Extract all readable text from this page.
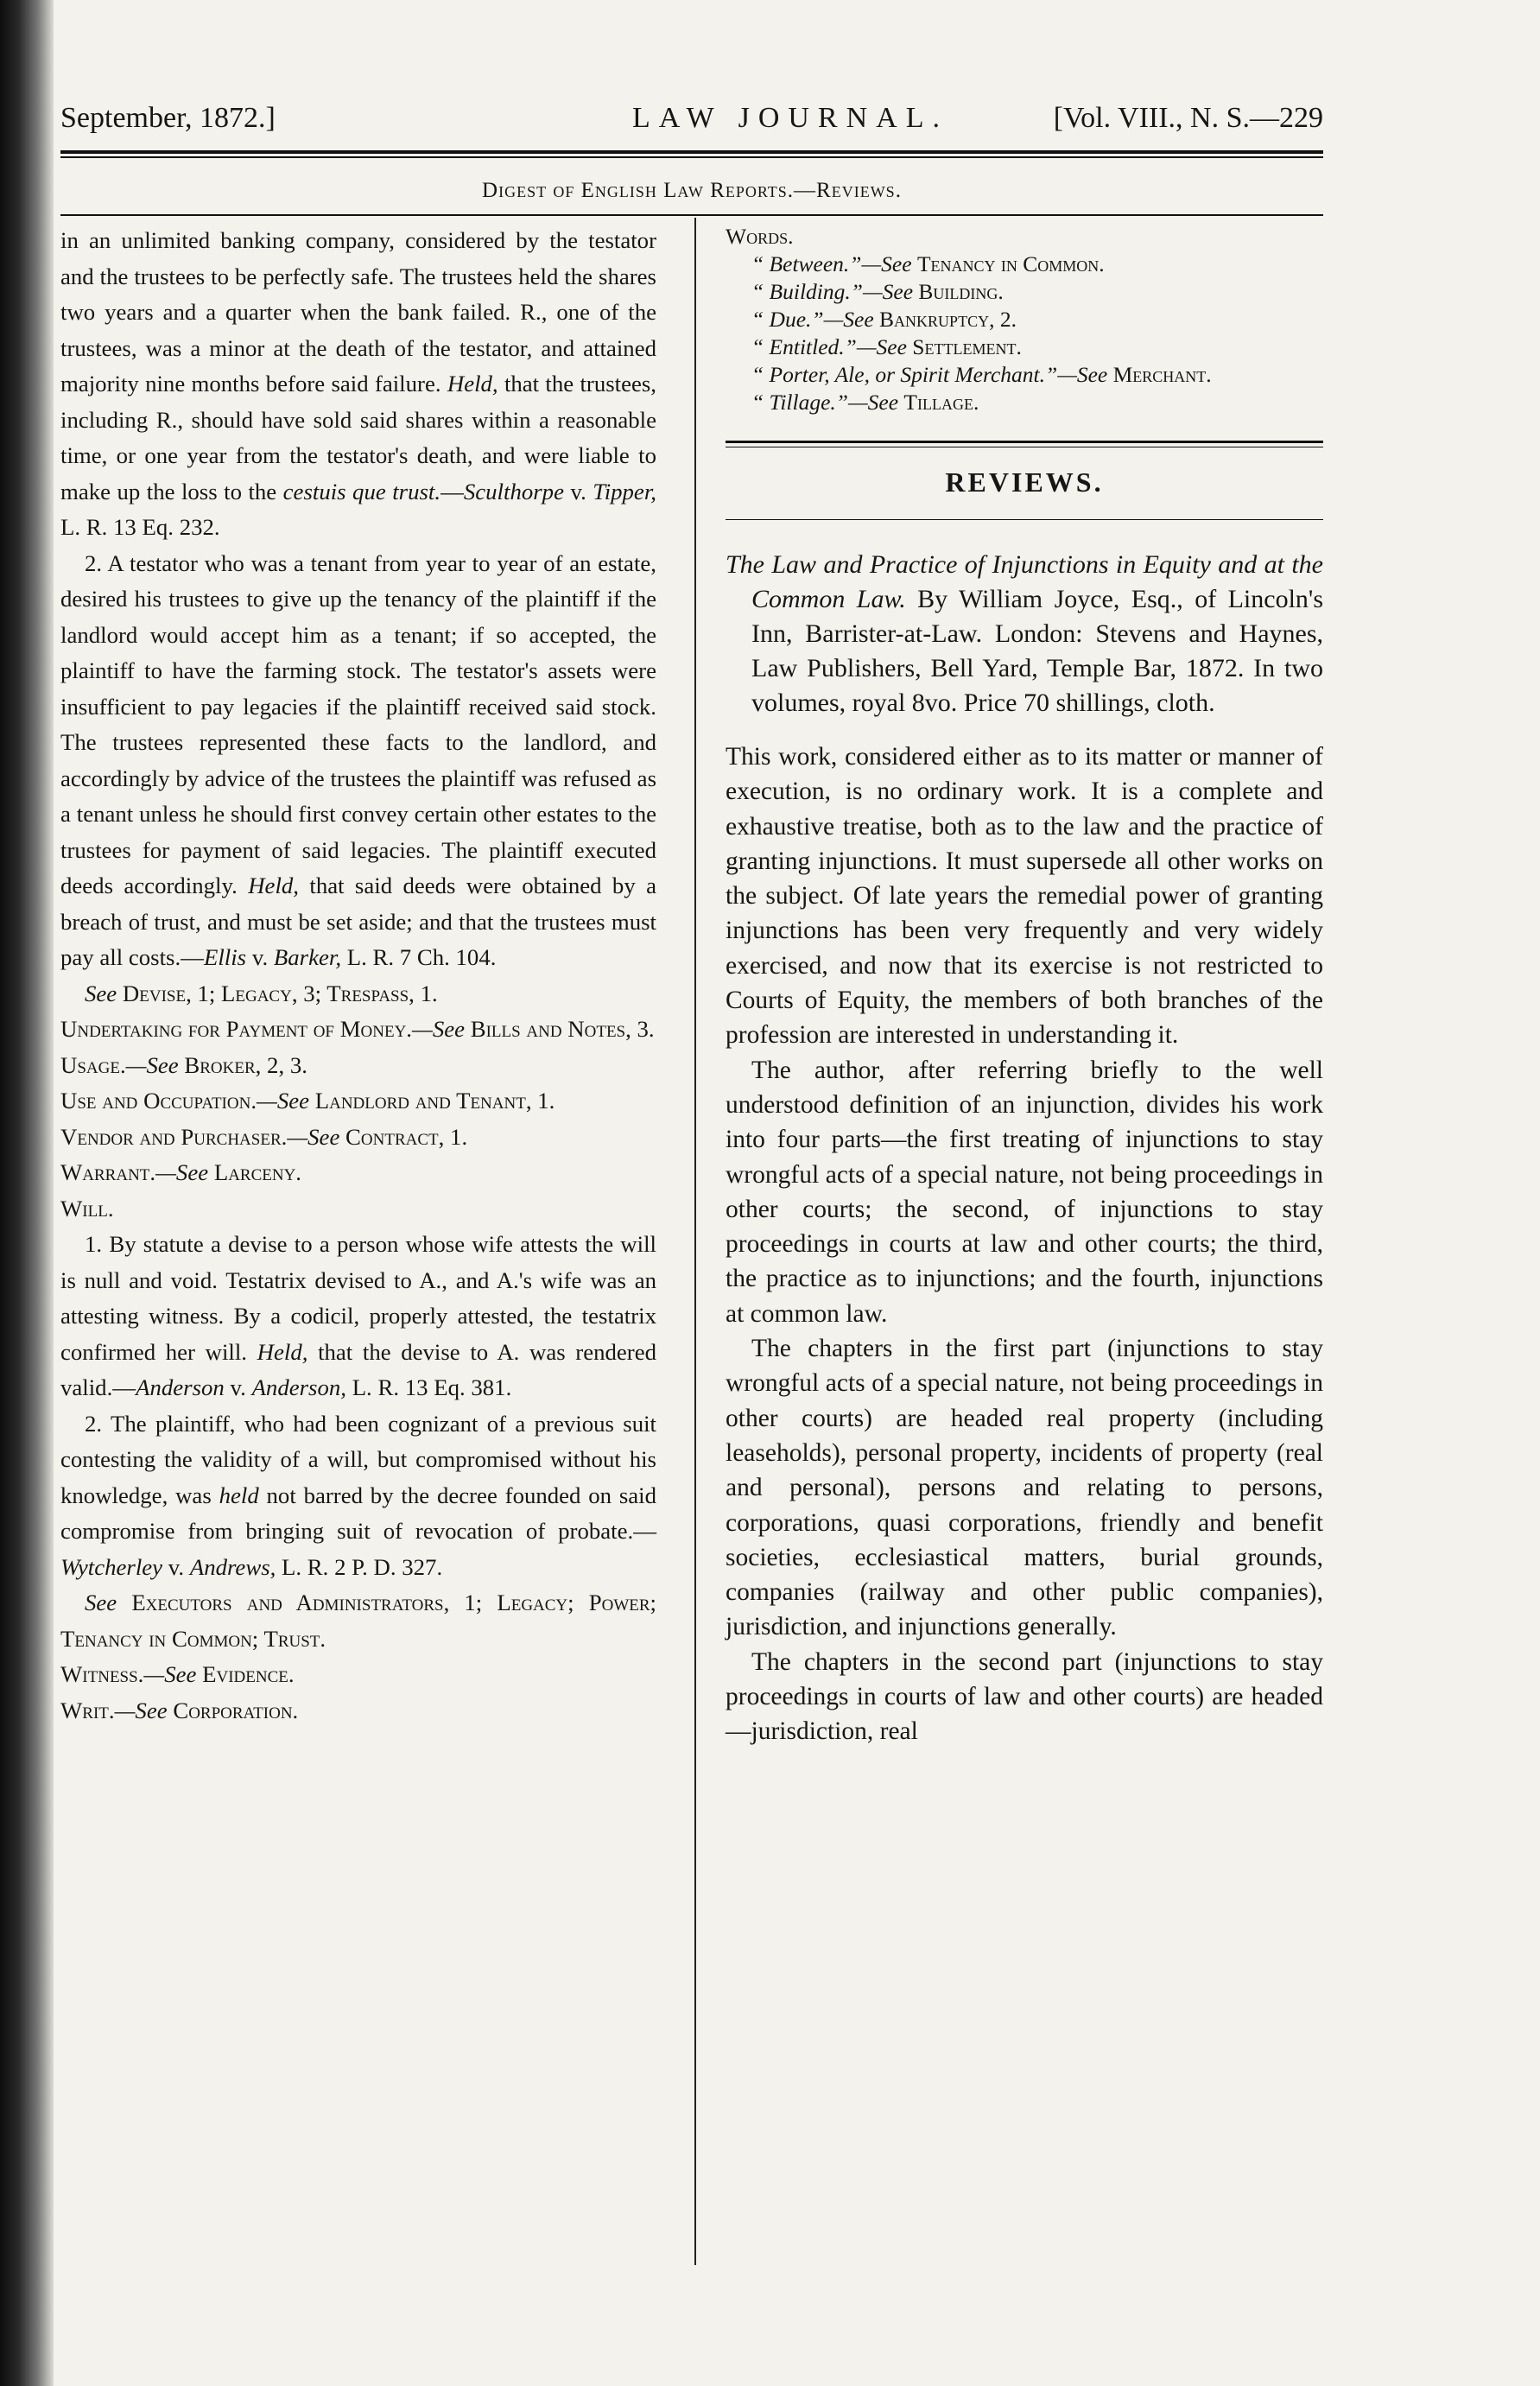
September, 1872.]	LAW JOURNAL.	[Vol. VIII., N. S.—229
Digest of English Law Reports.—Reviews.

in an unlimited banking company, considered by the testator and the trustees to be perfectly safe. The trustees held the shares two years and a quarter when the bank failed. R., one of the trustees, was a minor at the death of the testator, and attained majority nine months before said failure. Held, that the trustees, including R., should have sold said shares within a reasonable time, or one year from the testator's death, and were liable to make up the loss to the cestuis que trust.—Sculthorpe v. Tipper, L. R. 13 Eq. 232.

2. A testator who was a tenant from year to year of an estate, desired his trustees to give up the tenancy of the plaintiff if the landlord would accept him as a tenant; if so accepted, the plaintiff to have the farming stock. The testator's assets were insufficient to pay legacies if the plaintiff received said stock. The trustees represented these facts to the landlord, and accordingly by advice of the trustees the plaintiff was refused as a tenant unless he should first convey certain other estates to the trustees for payment of said legacies. The plaintiff executed deeds accordingly. Held, that said deeds were obtained by a breach of trust, and must be set aside; and that the trustees must pay all costs.—Ellis v. Barker, L. R. 7 Ch. 104.

See Devise, 1; Legacy, 3; Trespass, 1.

Undertaking for Payment of Money.—See Bills and Notes, 3.

Usage.—See Broker, 2, 3.

Use and Occupation.—See Landlord and Tenant, 1.

Vendor and Purchaser.—See Contract, 1.

Warrant.—See Larceny.

Will.

1. By statute a devise to a person whose wife attests the will is null and void. Testatrix devised to A., and A.'s wife was an attesting witness. By a codicil, properly attested, the testatrix confirmed her will. Held, that the devise to A. was rendered valid.—Anderson v. Anderson, L. R. 13 Eq. 381.

2. The plaintiff, who had been cognizant of a previous suit contesting the validity of a will, but compromised without his knowledge, was held not barred by the decree founded on said compromise from bringing suit of revocation of probate.—Wytcherley v. Andrews, L. R. 2 P. D. 327.

See Executors and Administrators, 1; Legacy; Power; Tenancy in Common; Trust.

Witness.—See Evidence.

Writ.—See Corporation.

Words.
“ Between.”—See Tenancy in Common.
“ Building.”—See Building.
“ Due.”—See Bankruptcy, 2.
“ Entitled.”—See Settlement.
“ Porter, Ale, or Spirit Merchant.”—See Merchant.
“ Tillage.”—See Tillage.
REVIEWS.

The Law and Practice of Injunctions in Equity and at the Common Law. By William Joyce, Esq., of Lincoln's Inn, Barrister-at-Law. London: Stevens and Haynes, Law Publishers, Bell Yard, Temple Bar, 1872. In two volumes, royal 8vo. Price 70 shillings, cloth.

This work, considered either as to its matter or manner of execution, is no ordinary work. It is a complete and exhaustive treatise, both as to the law and the practice of granting injunctions. It must supersede all other works on the subject. Of late years the remedial power of granting injunctions has been very frequently and very widely exercised, and now that its exercise is not restricted to Courts of Equity, the members of both branches of the profession are interested in understanding it.

The author, after referring briefly to the well understood definition of an injunction, divides his work into four parts—the first treating of injunctions to stay wrongful acts of a special nature, not being proceedings in other courts; the second, of injunctions to stay proceedings in courts at law and other courts; the third, the practice as to injunctions; and the fourth, injunctions at common law.

The chapters in the first part (injunctions to stay wrongful acts of a special nature, not being proceedings in other courts) are headed real property (including leaseholds), personal property, incidents of property (real and personal), persons and relating to persons, corporations, quasi corporations, friendly and benefit societies, ecclesiastical matters, burial grounds, companies (railway and other public companies), jurisdiction, and injunctions generally.

The chapters in the second part (injunctions to stay proceedings in courts of law and other courts) are headed—jurisdiction, real
